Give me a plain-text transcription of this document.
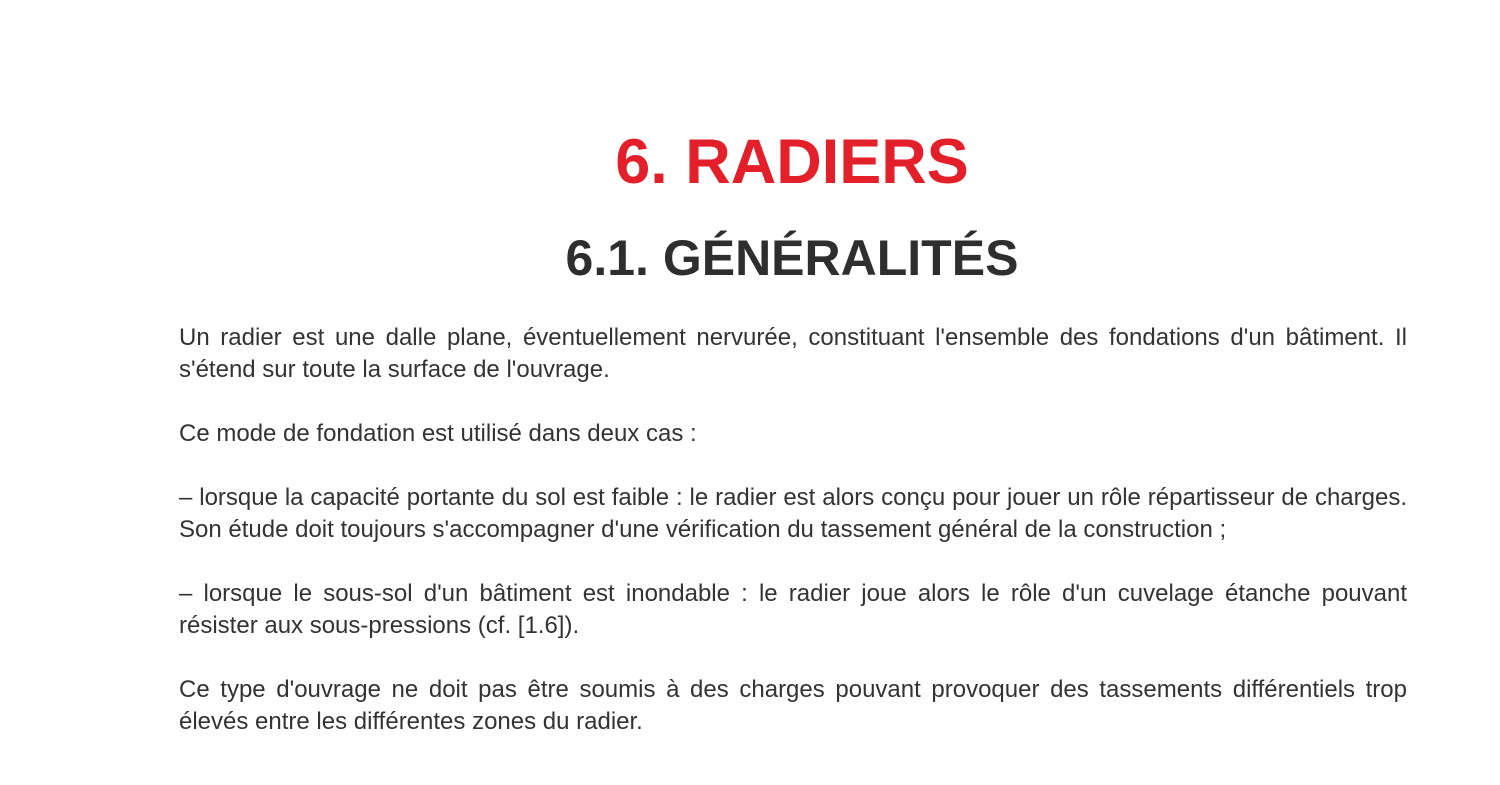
6. RADIERS
6.1. GÉNÉRALITÉS

Un radier est une dalle plane, éventuellement nervurée, constituant l'ensemble des fondations d'un bâtiment. Il s'étend sur toute la surface de l'ouvrage.

Ce mode de fondation est utilisé dans deux cas :

– lorsque la capacité portante du sol est faible : le radier est alors conçu pour jouer un rôle répartisseur de charges. Son étude doit toujours s'accompagner d'une vérification du tassement général de la construction ;

– lorsque le sous-sol d'un bâtiment est inondable : le radier joue alors le rôle d'un cuvelage étanche pouvant résister aux sous-pressions (cf. [1.6]).

Ce type d'ouvrage ne doit pas être soumis à des charges pouvant provoquer des tassements différentiels trop élevés entre les différentes zones du radier.
